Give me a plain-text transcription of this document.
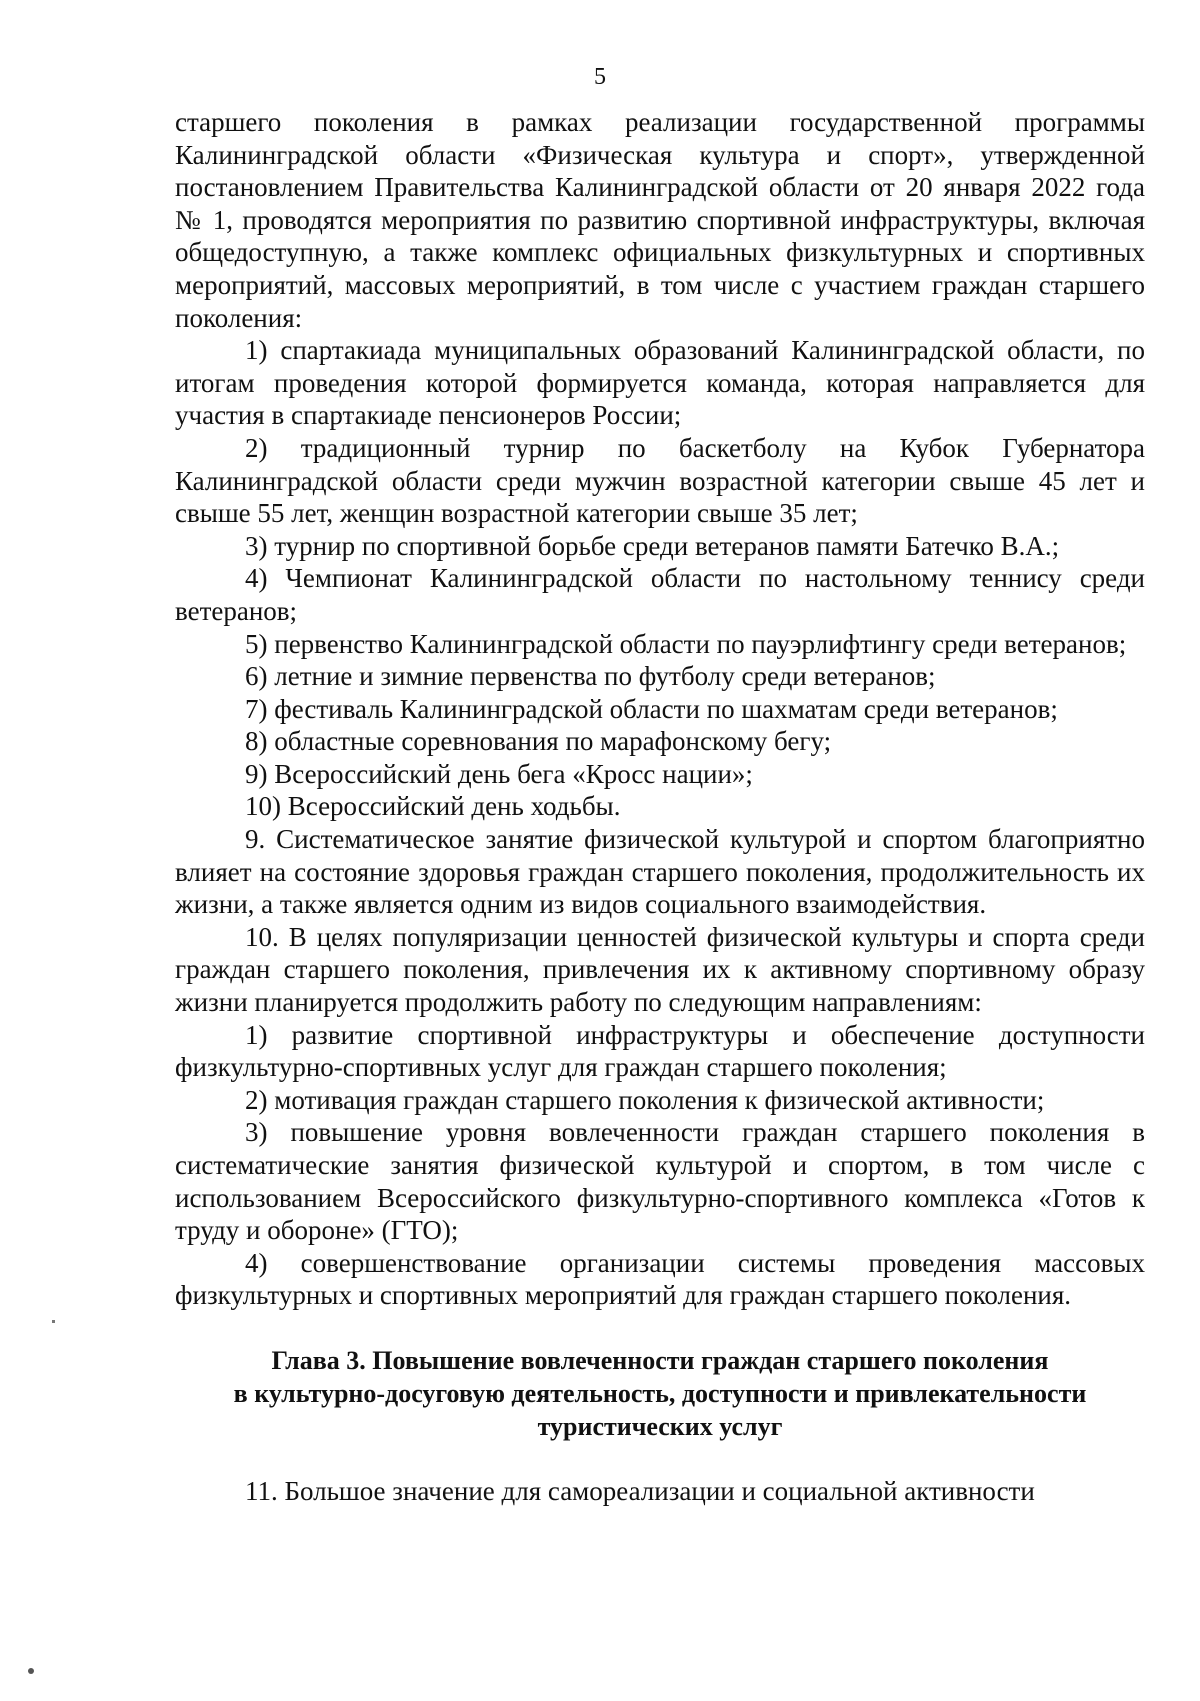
5

старшего поколения в рамках реализации государственной программы Калининградской области «Физическая культура и спорт», утвержденной постановлением Правительства Калининградской области от 20 января 2022 года № 1, проводятся мероприятия по развитию спортивной инфраструктуры, включая общедоступную, а также комплекс официальных физкультурных и спортивных мероприятий, массовых мероприятий, в том числе с участием граждан старшего поколения:

1) спартакиада муниципальных образований Калининградской области, по итогам проведения которой формируется команда, которая направляется для участия в спартакиаде пенсионеров России;

2) традиционный турнир по баскетболу на Кубок Губернатора Калининградской области среди мужчин возрастной категории свыше 45 лет и свыше 55 лет, женщин возрастной категории свыше 35 лет;

3) турнир по спортивной борьбе среди ветеранов памяти Батечко В.А.;

4) Чемпионат Калининградской области по настольному теннису среди ветеранов;

5) первенство Калининградской области по пауэрлифтингу среди ветеранов;

6) летние и зимние первенства по футболу среди ветеранов;

7) фестиваль Калининградской области по шахматам среди ветеранов;

8) областные соревнования по марафонскому бегу;

9) Всероссийский день бега «Кросс нации»;

10) Всероссийский день ходьбы.

9. Систематическое занятие физической культурой и спортом благоприятно влияет на состояние здоровья граждан старшего поколения, продолжительность их жизни, а также является одним из видов социального взаимодействия.

10. В целях популяризации ценностей физической культуры и спорта среди граждан старшего поколения, привлечения их к активному спортивному образу жизни планируется продолжить работу по следующим направлениям:

1) развитие спортивной инфраструктуры и обеспечение доступности физкультурно-спортивных услуг для граждан старшего поколения;

2) мотивация граждан старшего поколения к физической активности;

3) повышение уровня вовлеченности граждан старшего поколения в систематические занятия физической культурой и спортом, в том числе с использованием Всероссийского физкультурно-спортивного комплекса «Готов к труду и обороне» (ГТО);

4) совершенствование организации системы проведения массовых физкультурных и спортивных мероприятий для граждан старшего поколения.

Глава 3. Повышение вовлеченности граждан старшего поколения
в культурно-досуговую деятельность, доступности и привлекательности
туристических услуг

11. Большое значение для самореализации и социальной активности
